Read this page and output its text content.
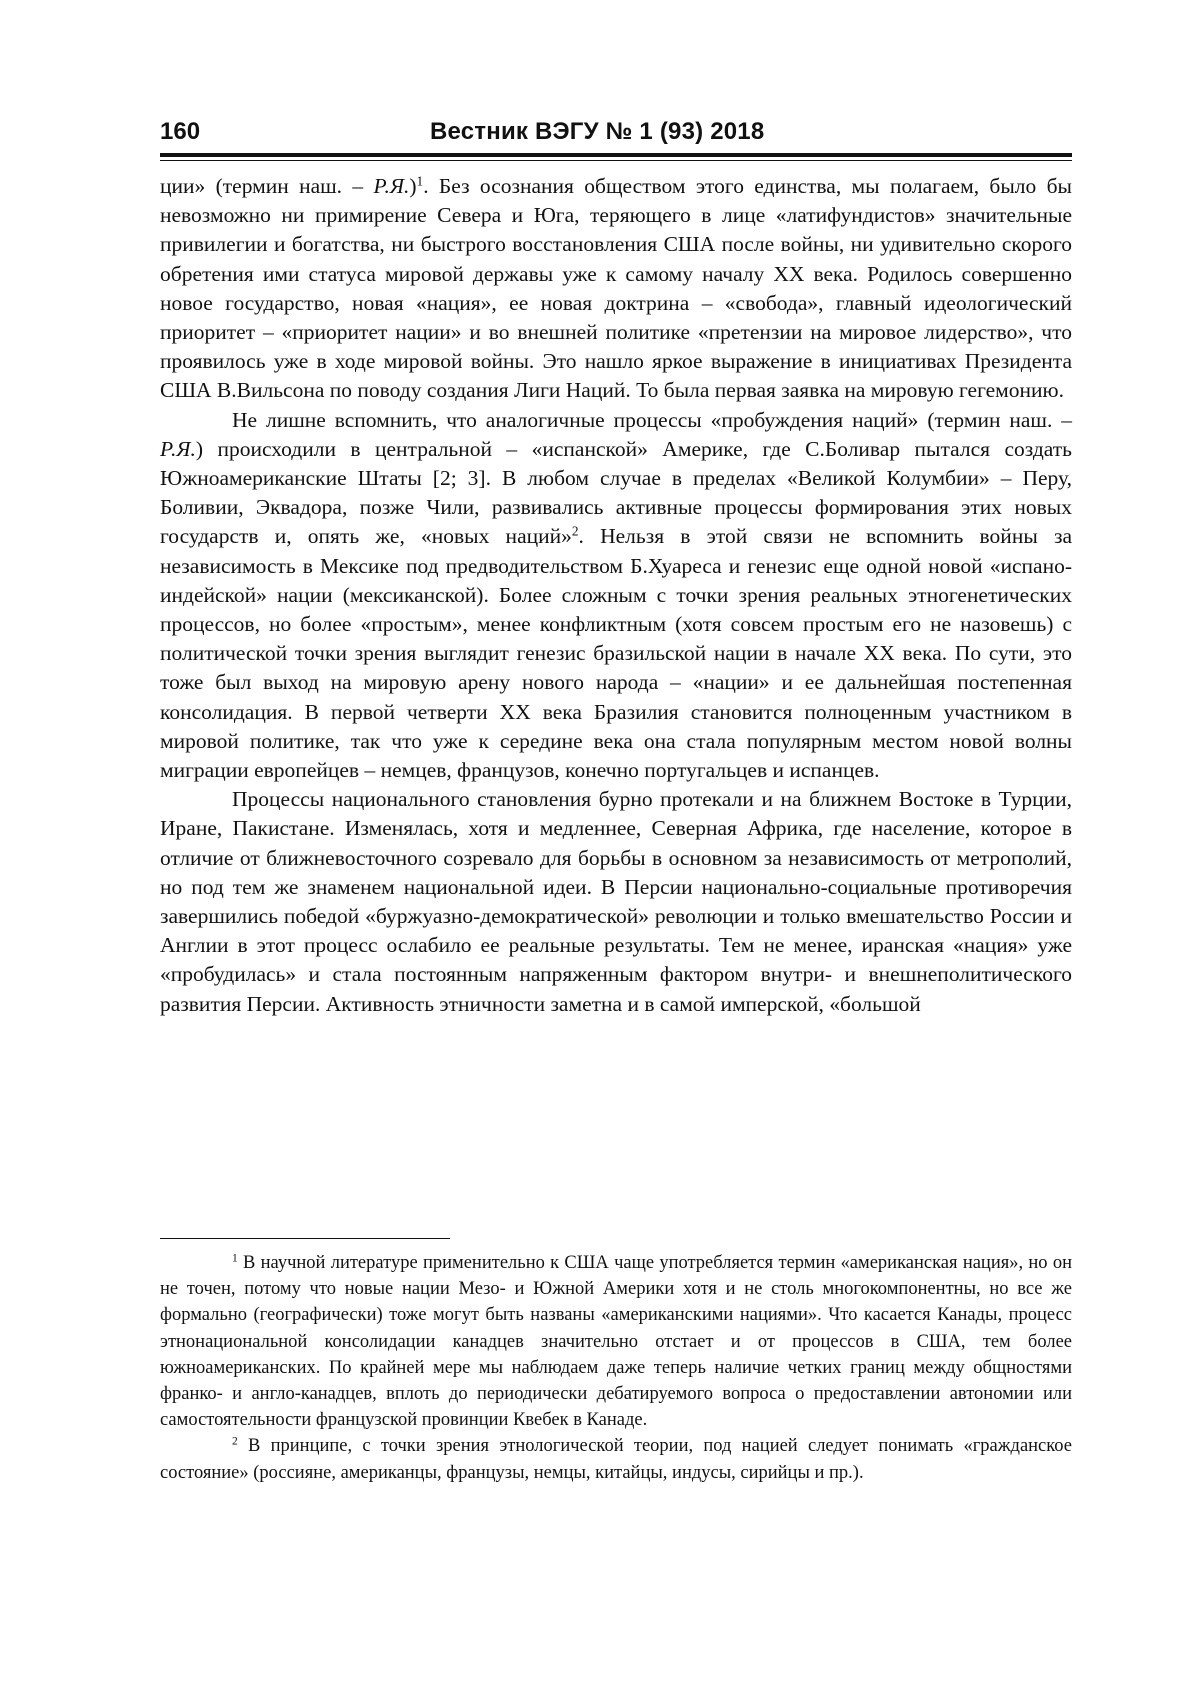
160	Вестник ВЭГУ № 1 (93) 2018

ции» (термин наш. – Р.Я.)$^1$. Без осознания обществом этого единства, мы полагаем, было бы невозможно ни примирение Севера и Юга, теряющего в лице «латифундистов» значительные привилегии и богатства, ни быстрого восстановления США после войны, ни удивительно скорого обретения ими статуса мировой державы уже к самому началу XX века. Родилось совершенно новое государство, новая «нация», ее новая доктрина – «свобода», главный идеологический приоритет – «приоритет нации» и во внешней политике «претензии на мировое лидерство», что проявилось уже в ходе мировой войны. Это нашло яркое выражение в инициативах Президента США В.Вильсона по поводу создания Лиги Наций. То была первая заявка на мировую гегемонию.

Не лишне вспомнить, что аналогичные процессы «пробуждения наций» (термин наш. – Р.Я.) происходили в центральной – «испанской» Америке, где С.Боливар пытался создать Южноамериканские Штаты [2; 3]. В любом случае в пределах «Великой Колумбии» – Перу, Боливии, Эквадора, позже Чили, развивались активные процессы формирования этих новых государств и, опять же, «новых наций»$^2$. Нельзя в этой связи не вспомнить войны за независимость в Мексике под предводительством Б.Хуареса и генезис еще одной новой «испано-индейской» нации (мексиканской). Более сложным с точки зрения реальных этногенетических процессов, но более «простым», менее конфликтным (хотя совсем простым его не назовешь) с политической точки зрения выглядит генезис бразильской нации в начале XX века. По сути, это тоже был выход на мировую арену нового народа – «нации» и ее дальнейшая постепенная консолидация. В первой четверти XX века Бразилия становится полноценным участником в мировой политике, так что уже к середине века она стала популярным местом новой волны миграции европейцев – немцев, французов, конечно португальцев и испанцев.

Процессы национального становления бурно протекали и на ближнем Востоке в Турции, Иране, Пакистане. Изменялась, хотя и медленнее, Северная Африка, где население, которое в отличие от ближневосточного созревало для борьбы в основном за независимость от метрополий, но под тем же знаменем национальной идеи. В Персии национально-социальные противоречия завершились победой «буржуазно-демократической» революции и только вмешательство России и Англии в этот процесс ослабило ее реальные результаты. Тем не менее, иранская «нация» уже «пробудилась» и стала постоянным напряженным фактором внутри- и внешнеполитического развития Персии. Активность этничности заметна и в самой имперской, «большой

$^1$ В научной литературе применительно к США чаще употребляется термин «американская нация», но он не точен, потому что новые нации Мезо- и Южной Америки хотя и не столь многокомпонентны, но все же формально (географически) тоже могут быть названы «американскими нациями». Что касается Канады, процесс этнонациональной консолидации канадцев значительно отстает и от процессов в США, тем более южноамериканских. По крайней мере мы наблюдаем даже теперь наличие четких границ между общностями франко- и англо-канадцев, вплоть до периодически дебатируемого вопроса о предоставлении автономии или самостоятельности французской провинции Квебек в Канаде.

$^2$ В принципе, с точки зрения этнологической теории, под нацией следует понимать «гражданское состояние» (россияне, американцы, французы, немцы, китайцы, индусы, сирийцы и пр.).
